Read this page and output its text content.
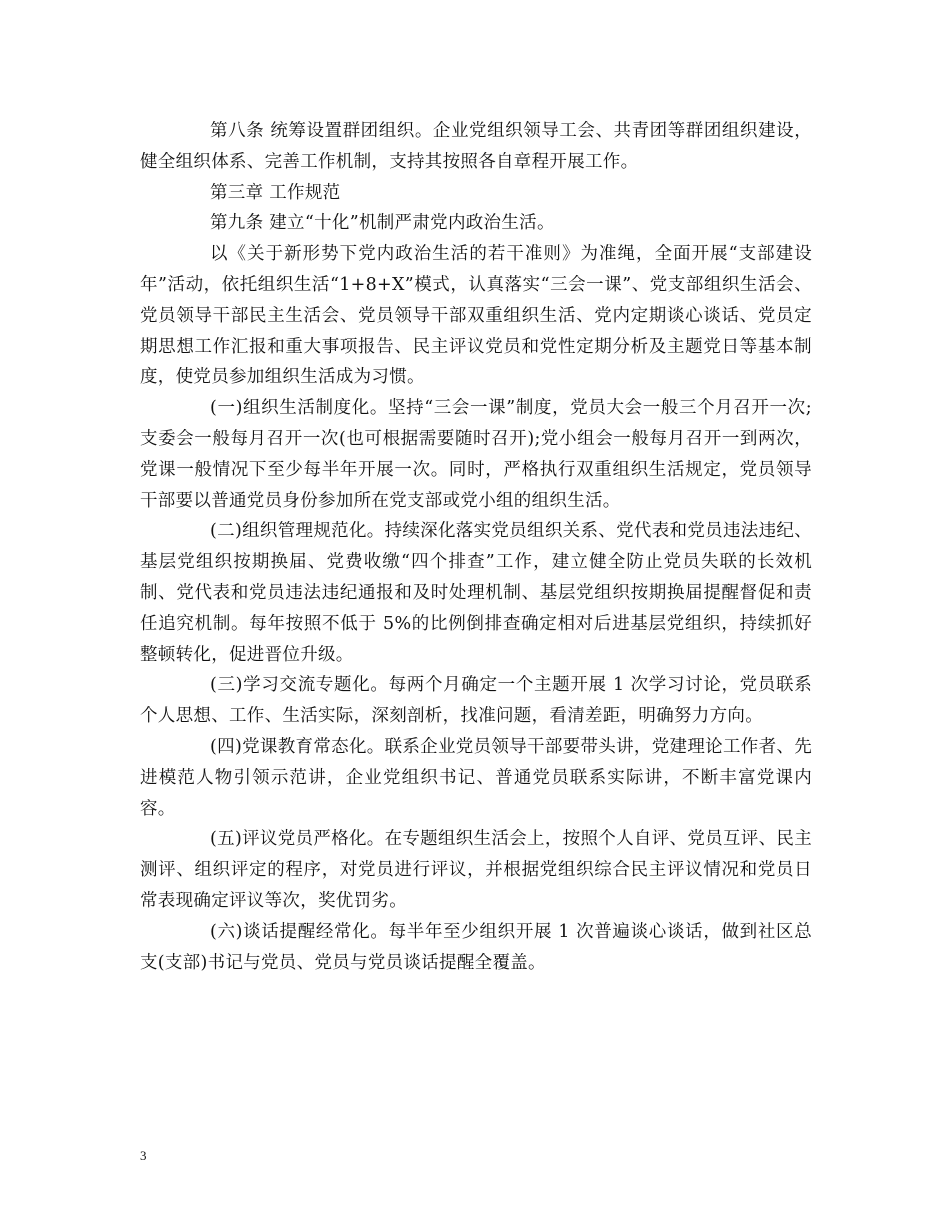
第八条 统筹设置群团组织。企业党组织领导工会、共青团等群团组织建设，健全组织体系、完善工作机制，支持其按照各自章程开展工作。

第三章 工作规范

第九条 建立“十化”机制严肃党内政治生活。

以《关于新形势下党内政治生活的若干准则》为准绳，全面开展“支部建设年”活动，依托组织生活“1+8+X”模式，认真落实“三会一课”、党支部组织生活会、党员领导干部民主生活会、党员领导干部双重组织生活、党内定期谈心谈话、党员定期思想工作汇报和重大事项报告、民主评议党员和党性定期分析及主题党日等基本制度，使党员参加组织生活成为习惯。

(一)组织生活制度化。坚持“三会一课”制度，党员大会一般三个月召开一次;支委会一般每月召开一次(也可根据需要随时召开);党小组会一般每月召开一到两次，党课一般情况下至少每半年开展一次。同时，严格执行双重组织生活规定，党员领导干部要以普通党员身份参加所在党支部或党小组的组织生活。

(二)组织管理规范化。持续深化落实党员组织关系、党代表和党员违法违纪、基层党组织按期换届、党费收缴“四个排查”工作，建立健全防止党员失联的长效机制、党代表和党员违法违纪通报和及时处理机制、基层党组织按期换届提醒督促和责任追究机制。每年按照不低于 5%的比例倒排查确定相对后进基层党组织，持续抓好整顿转化，促进晋位升级。

(三)学习交流专题化。每两个月确定一个主题开展 1 次学习讨论，党员联系个人思想、工作、生活实际，深刻剖析，找准问题，看清差距，明确努力方向。

(四)党课教育常态化。联系企业党员领导干部要带头讲，党建理论工作者、先进模范人物引领示范讲，企业党组织书记、普通党员联系实际讲，不断丰富党课内容。

(五)评议党员严格化。在专题组织生活会上，按照个人自评、党员互评、民主测评、组织评定的程序，对党员进行评议，并根据党组织综合民主评议情况和党员日常表现确定评议等次，奖优罚劣。

(六)谈话提醒经常化。每半年至少组织开展 1 次普遍谈心谈话，做到社区总支(支部)书记与党员、党员与党员谈话提醒全覆盖。

3
